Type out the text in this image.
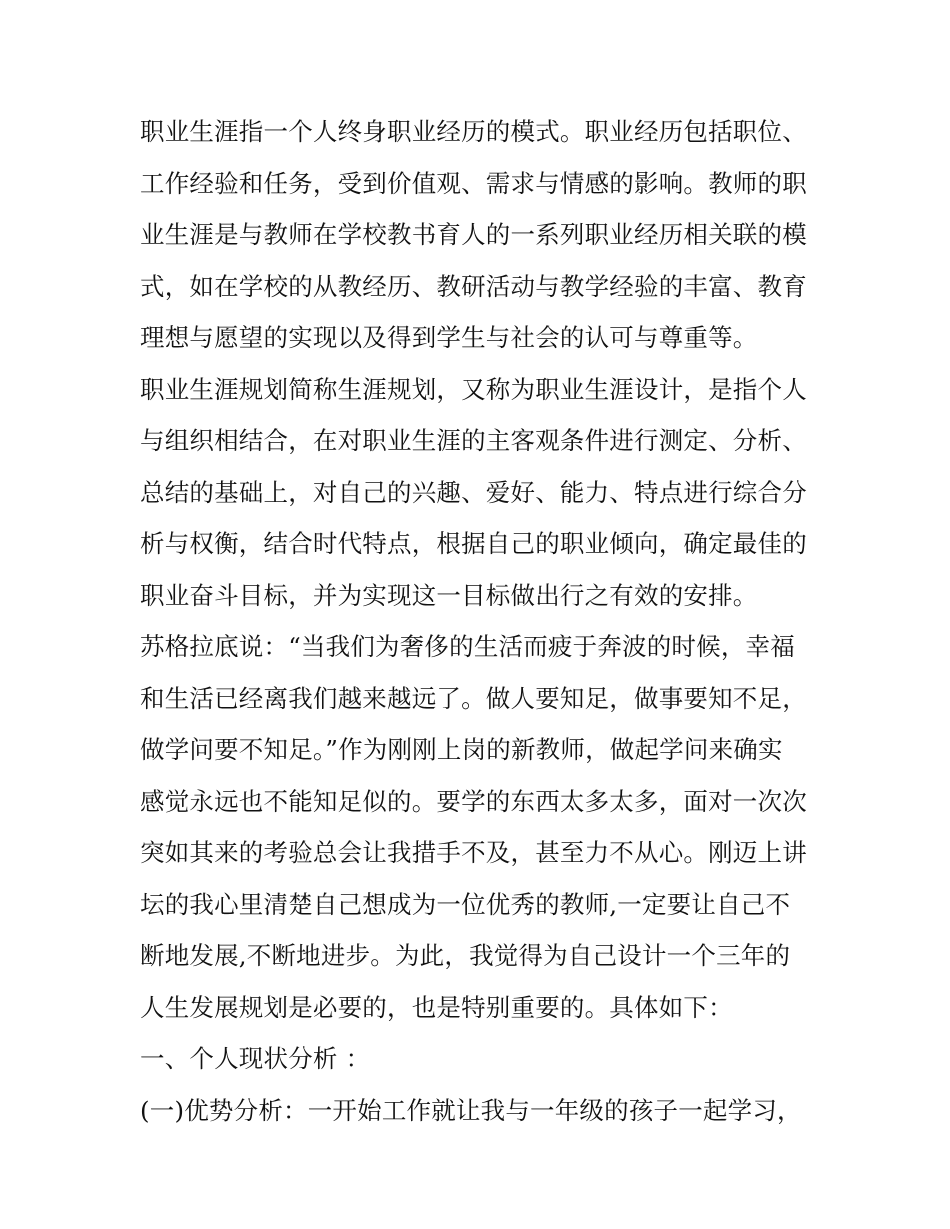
职业生涯指一个人终身职业经历的模式。职业经历包括职位、
工作经验和任务，受到价值观、需求与情感的影响。教师的职
业生涯是与教师在学校教书育人的一系列职业经历相关联的模
式，如在学校的从教经历、教研活动与教学经验的丰富、教育
理想与愿望的实现以及得到学生与社会的认可与尊重等。
职业生涯规划简称生涯规划，又称为职业生涯设计，是指个人
与组织相结合，在对职业生涯的主客观条件进行测定、分析、
总结的基础上，对自己的兴趣、爱好、能力、特点进行综合分
析与权衡，结合时代特点，根据自己的职业倾向，确定最佳的
职业奋斗目标，并为实现这一目标做出行之有效的安排。
苏格拉底说：“当我们为奢侈的生活而疲于奔波的时候，幸福
和生活已经离我们越来越远了。做人要知足，做事要知不足，
做学问要不知足。”作为刚刚上岗的新教师，做起学问来确实
感觉永远也不能知足似的。要学的东西太多太多，面对一次次
突如其来的考验总会让我措手不及，甚至力不从心。刚迈上讲
坛的我心里清楚自己想成为一位优秀的教师,一定要让自己不
断地发展,不断地进步。为此，我觉得为自己设计一个三年的
人生发展规划是必要的，也是特别重要的。具体如下：
一、个人现状分析 ：
(一)优势分析：一开始工作就让我与一年级的孩子一起学习，
